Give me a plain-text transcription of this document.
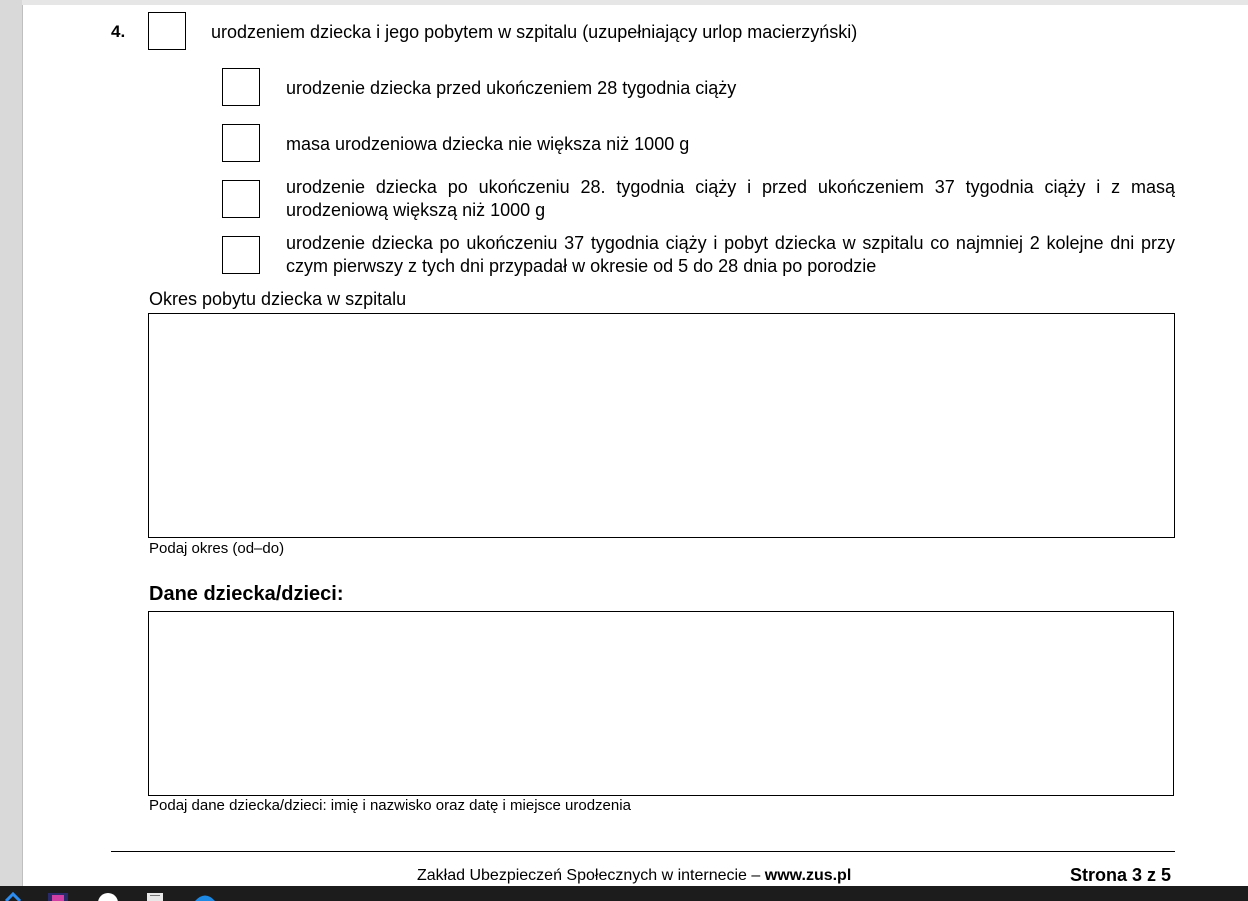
4.	urodzeniem dziecka i jego pobytem w szpitalu (uzupełniający urlop macierzyński)
urodzenie dziecka przed ukończeniem 28 tygodnia ciąży
masa urodzeniowa dziecka nie większa niż 1000 g
urodzenie dziecka po ukończeniu 28. tygodnia ciąży i przed ukończeniem 37 tygodnia ciąży i z masą urodzeniową większą niż 1000 g
urodzenie dziecka po ukończeniu 37 tygodnia ciąży i pobyt dziecka w szpitalu co najmniej 2 kolejne dni przy czym pierwszy z tych dni przypadał w okresie od 5 do 28 dnia po porodzie
Okres pobytu dziecka w szpitalu
Podaj okres (od–do)
Dane dziecka/dzieci:
Podaj dane dziecka/dzieci: imię i nazwisko oraz datę i miejsce urodzenia
Zakład Ubezpieczeń Społecznych w internecie – www.zus.pl	Strona 3 z 5
